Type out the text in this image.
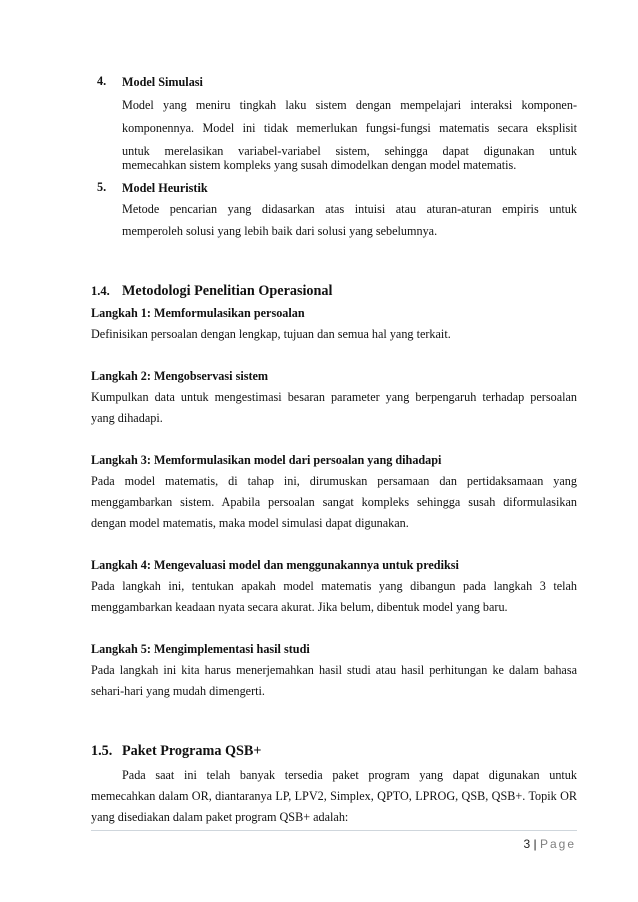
4. Model Simulasi
Model yang meniru tingkah laku sistem dengan mempelajari interaksi komponen-
komponennya. Model ini tidak memerlukan fungsi-fungsi matematis secara eksplisit
untuk merelasikan variabel-variabel sistem, sehingga dapat digunakan untuk
memecahkan sistem kompleks yang susah dimodelkan dengan model matematis.
5. Model Heuristik
Metode pencarian yang didasarkan atas intuisi atau aturan-aturan empiris untuk
memperoleh solusi yang lebih baik dari solusi yang sebelumnya.
1.4. Metodologi Penelitian Operasional
Langkah 1: Memformulasikan persoalan
Definisikan persoalan dengan lengkap, tujuan dan semua hal yang terkait.
Langkah 2: Mengobservasi sistem
Kumpulkan data untuk mengestimasi besaran parameter yang berpengaruh terhadap persoalan
yang dihadapi.
Langkah 3: Memformulasikan model dari persoalan yang dihadapi
Pada model matematis, di tahap ini, dirumuskan persamaan dan pertidaksamaan yang
menggambarkan sistem. Apabila persoalan sangat kompleks sehingga susah diformulasikan
dengan model matematis, maka model simulasi dapat digunakan.
Langkah 4: Mengevaluasi model dan menggunakannya untuk prediksi
Pada langkah ini, tentukan apakah model matematis yang dibangun pada langkah 3 telah
menggambarkan keadaan nyata secara akurat. Jika belum, dibentuk model yang baru.
Langkah 5: Mengimplementasi hasil studi
Pada langkah ini kita harus menerjemahkan hasil studi atau hasil perhitungan ke dalam bahasa
sehari-hari yang mudah dimengerti.
1.5. Paket Programa QSB+
Pada saat ini telah banyak tersedia paket program yang dapat digunakan untuk
memecahkan dalam OR, diantaranya LP, LPV2, Simplex, QPTO, LPROG, QSB, QSB+. Topik OR
yang disediakan dalam paket program QSB+ adalah:
3 | Page
